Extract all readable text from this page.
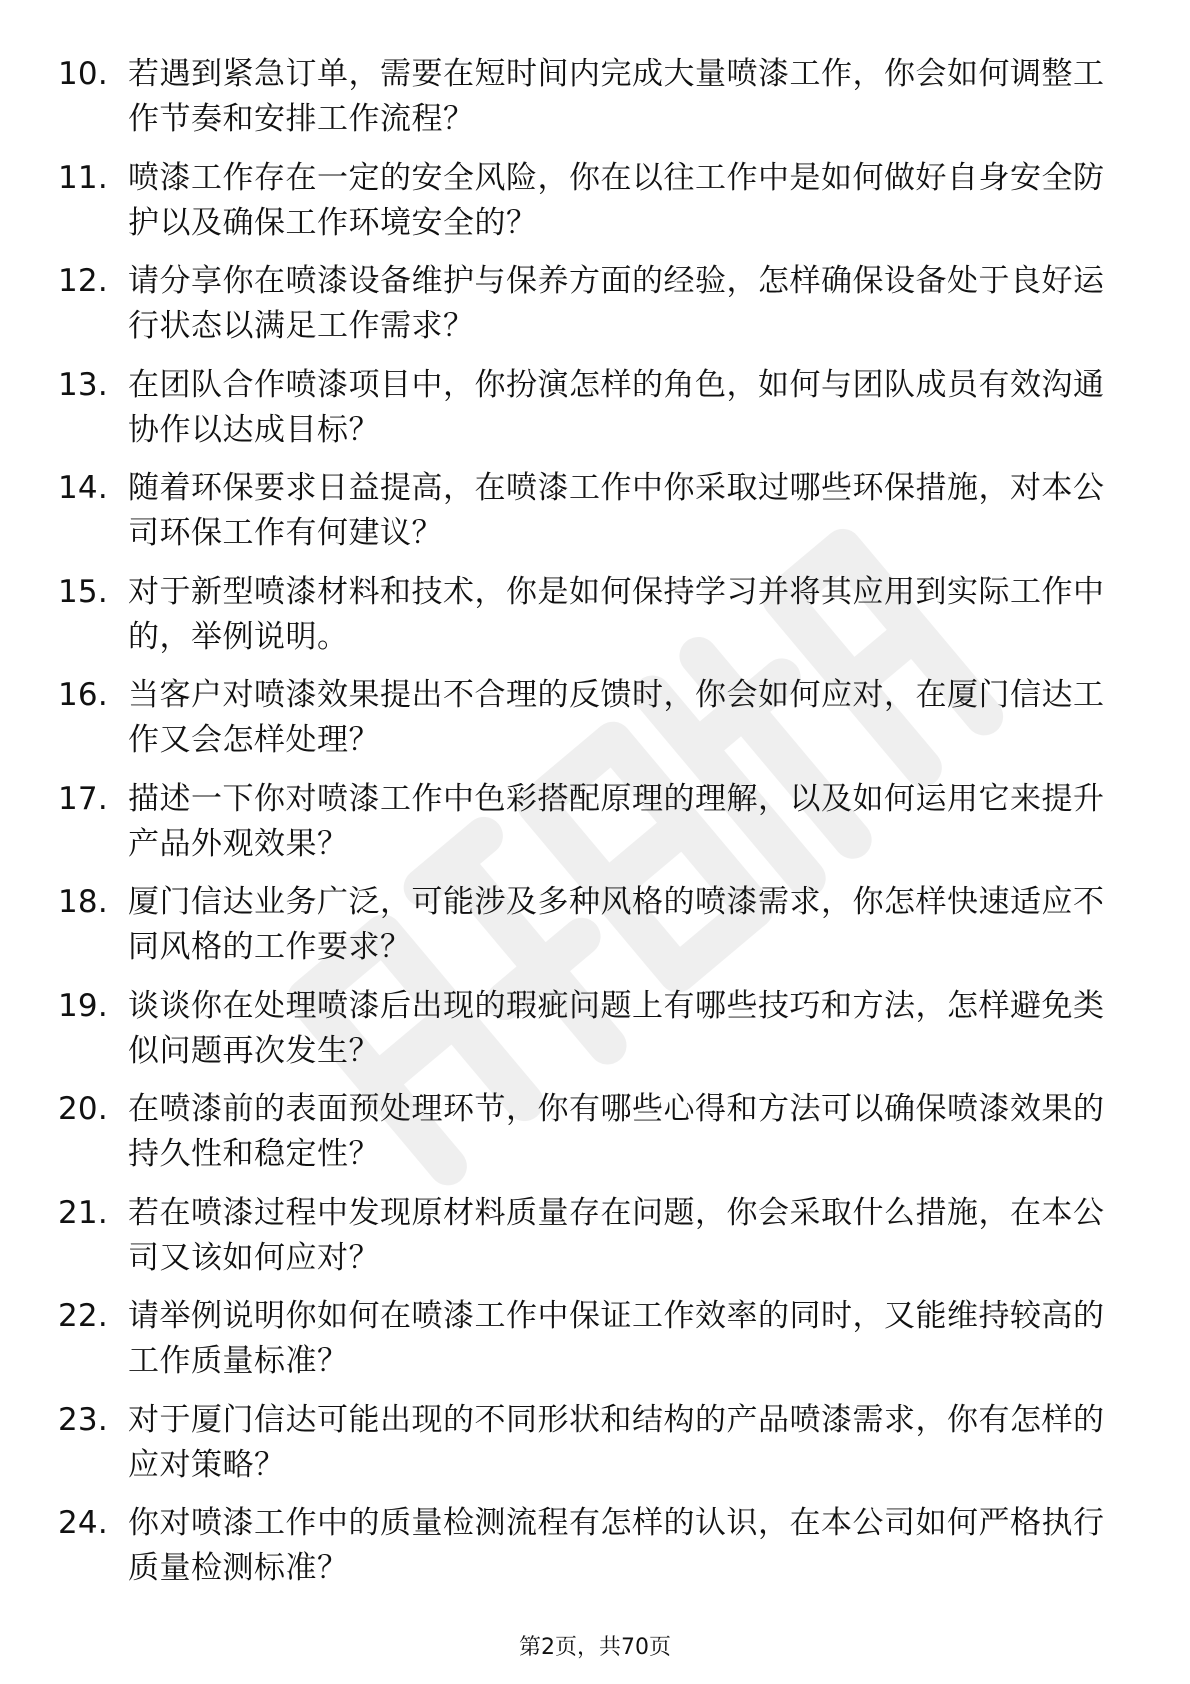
10. 若遇到紧急订单，需要在短时间内完成大量喷漆工作，你会如何调整工作节奏和安排工作流程？
11. 喷漆工作存在一定的安全风险，你在以往工作中是如何做好自身安全防护以及确保工作环境安全的？
12. 请分享你在喷漆设备维护与保养方面的经验，怎样确保设备处于良好运行状态以满足工作需求？
13. 在团队合作喷漆项目中，你扮演怎样的角色，如何与团队成员有效沟通协作以达成目标？
14. 随着环保要求日益提高，在喷漆工作中你采取过哪些环保措施，对本公司环保工作有何建议？
15. 对于新型喷漆材料和技术，你是如何保持学习并将其应用到实际工作中的，举例说明。
16. 当客户对喷漆效果提出不合理的反馈时，你会如何应对，在厦门信达工作又会怎样处理？
17. 描述一下你对喷漆工作中色彩搭配原理的理解，以及如何运用它来提升产品外观效果？
18. 厦门信达业务广泛，可能涉及多种风格的喷漆需求，你怎样快速适应不同风格的工作要求？
19. 谈谈你在处理喷漆后出现的瑕疵问题上有哪些技巧和方法，怎样避免类似问题再次发生？
20. 在喷漆前的表面预处理环节，你有哪些心得和方法可以确保喷漆效果的持久性和稳定性？
21. 若在喷漆过程中发现原材料质量存在问题，你会采取什么措施，在本公司又该如何应对？
22. 请举例说明你如何在喷漆工作中保证工作效率的同时，又能维持较高的工作质量标准？
23. 对于厦门信达可能出现的不同形状和结构的产品喷漆需求，你有怎样的应对策略？
24. 你对喷漆工作中的质量检测流程有怎样的认识，在本公司如何严格执行质量检测标准？
第2页，共70页
